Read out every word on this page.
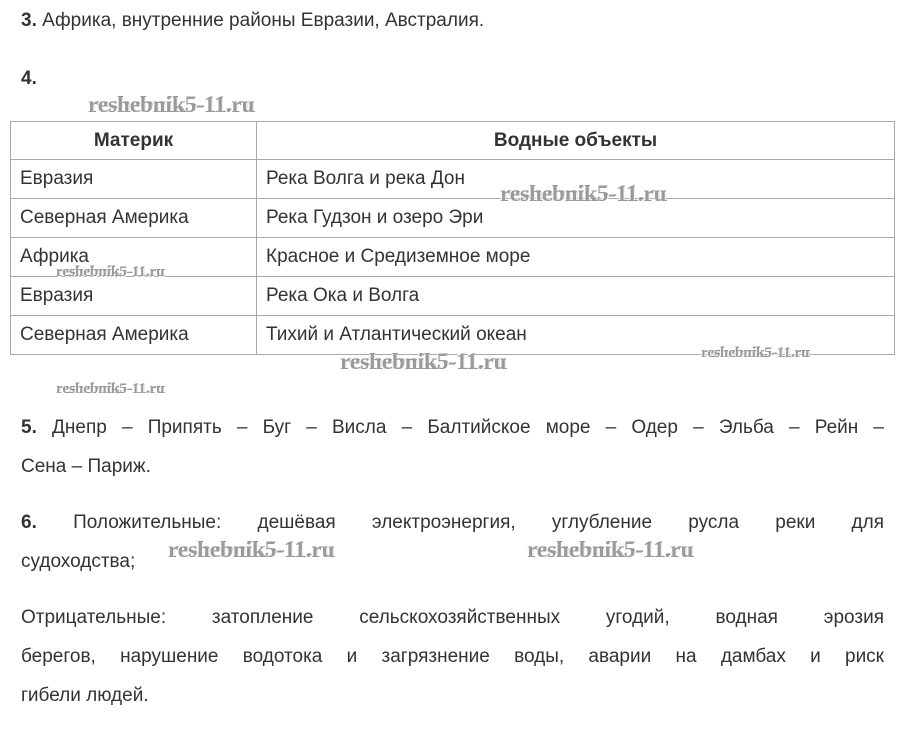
3. Африка, внутренние районы Евразии, Австралия.
4.
Материк	Водные объекты
Евразия	Река Волга и река Дон
Северная Америка	Река Гудзон и озеро Эри
Африка	Красное и Средиземное море
Евразия	Река Ока и Волга
Северная Америка	Тихий и Атлантический океан
5. Днепр – Припять – Буг – Висла – Балтийское море – Одер – Эльба – Рейн –
Сена – Париж.
6. Положительные: дешёвая электроэнергия, углубление русла реки для
судоходства;
Отрицательные: затопление сельскохозяйственных угодий, водная эрозия
берегов, нарушение водотока и загрязнение воды, аварии на дамбах и риск
гибели людей.
reshebnik5-11.ru
reshebnik5-11.ru
reshebnik5-11.ru
reshebnik5-11.ru	reshebnik5-11.ru
reshebnik5-11.ru
reshebnik5-11.ru	reshebnik5-11.ru
